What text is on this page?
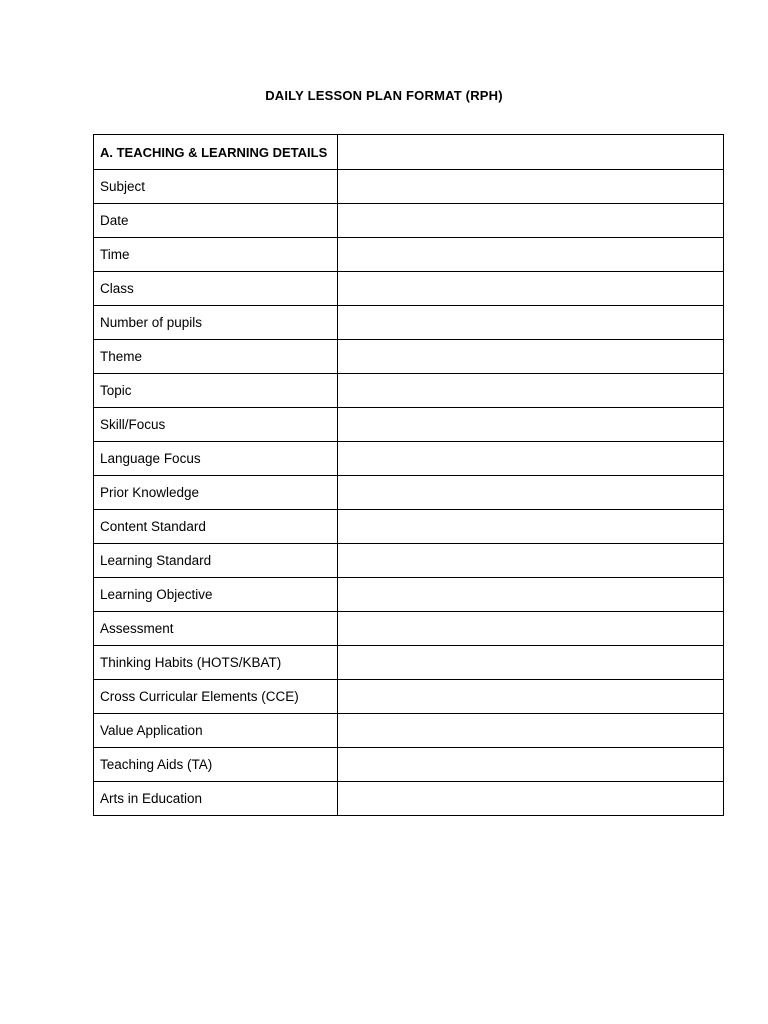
DAILY LESSON PLAN FORMAT (RPH)
A. TEACHING & LEARNING DETAILS	
Subject	
Date	
Time	
Class	
Number of pupils	
Theme	
Topic	
Skill/Focus	
Language Focus	
Prior Knowledge	
Content Standard	
Learning Standard	
Learning Objective	
Assessment	
Thinking Habits (HOTS/KBAT)	
Cross Curricular Elements (CCE)	
Value Application	
Teaching Aids (TA)	
Arts in Education	
